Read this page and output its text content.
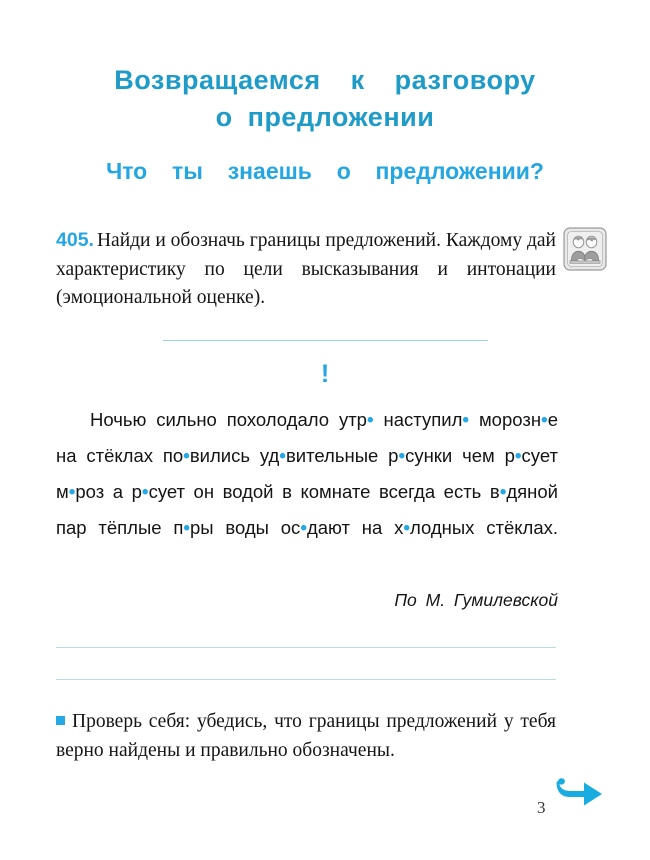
Возвращаемся  к  разговору
о предложении
Что  ты  знаешь  о  предложении?
405. Найди и обозначь границы предложений. Каждому дай характеристику по цели высказывания и интонации (эмоциональной оценке).
!

Ночью сильно похолодало утр• наступил• морозн•е на стёклах по•вились уд•вительные р•сунки чем р•сует м•роз а р•сует он водой в комнате всегда есть в•дяной пар тёплые п•ры воды ос•дают на х•лодных стёклах.

По М. Гумилевской
Проверь себя: убедись, что границы предложений у тебя верно найдены и правильно обозначены.
3
